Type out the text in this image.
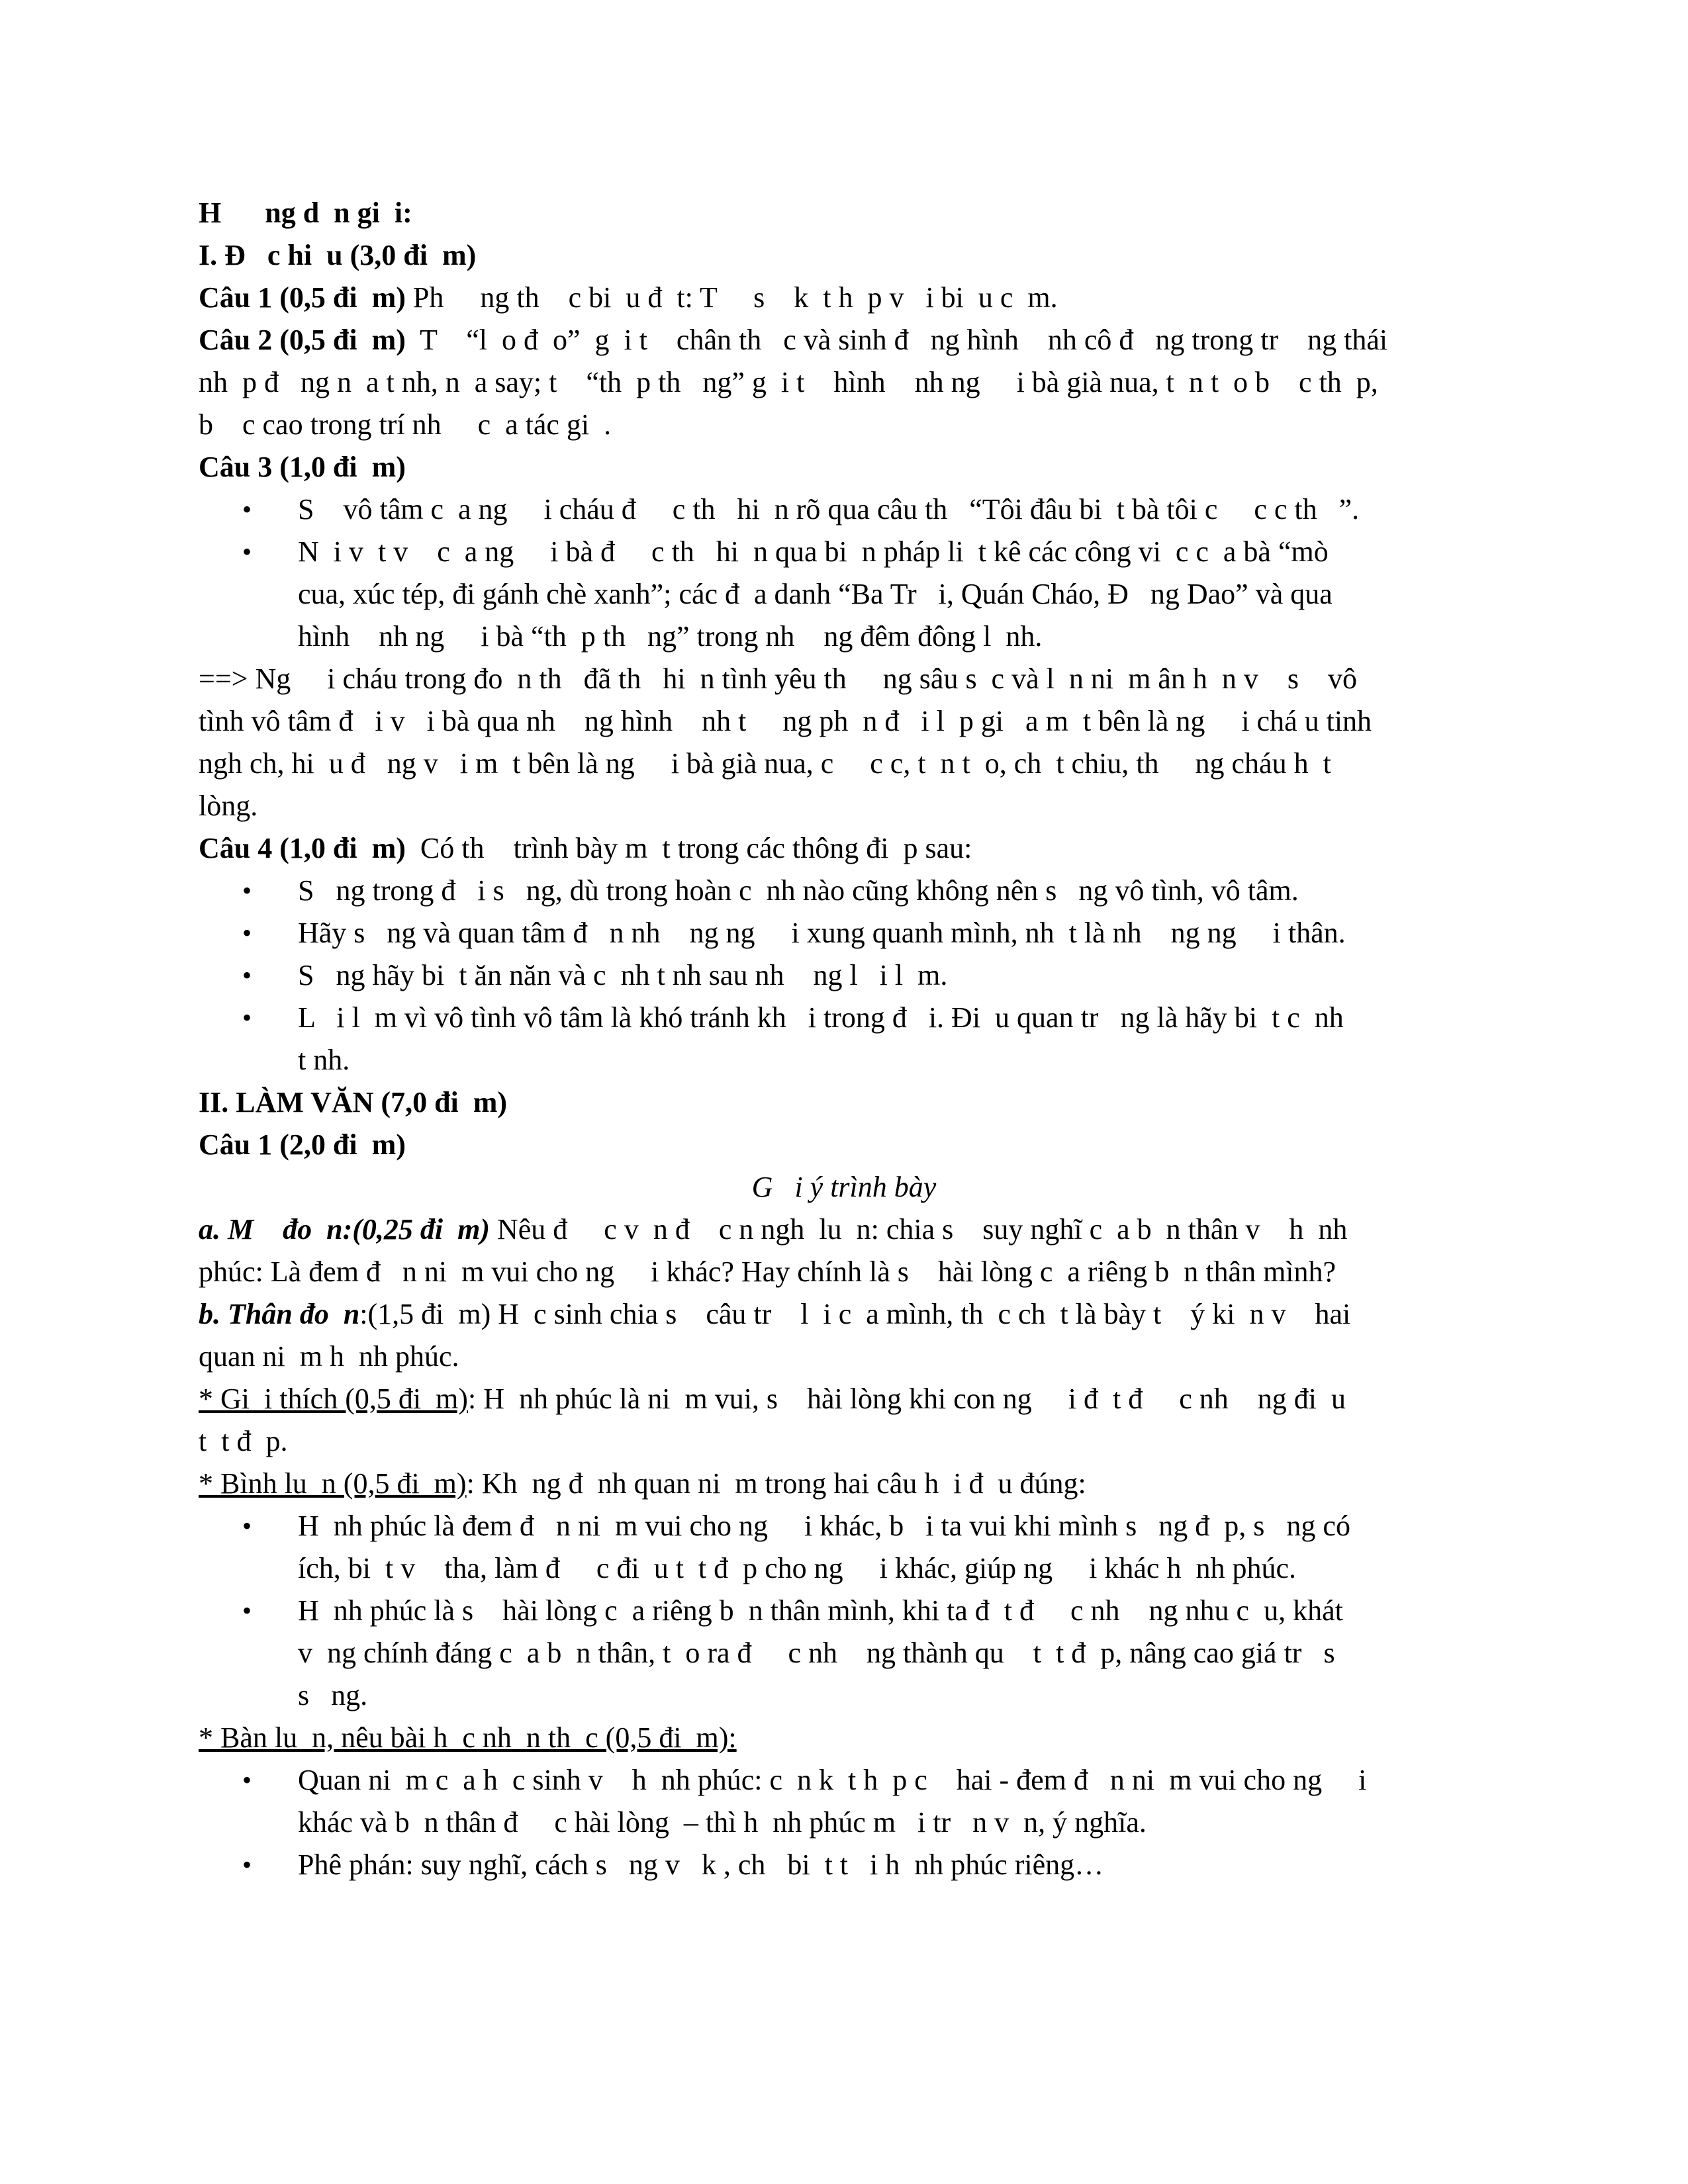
H      ng d  n gi  i:
I. Đ   c hi  u (3,0 đi  m)
Câu 1 (0,5 đi  m) Ph     ng th    c bi  u đ  t: T     s    k  t h  p v   i bi  u c  m.
Câu 2 (0,5 đi  m)  T    “l  o đ  o”  g  i t    chân th   c và sinh đ   ng hình    nh cô đ   ng trong tr    ng thái
nh  p đ   ng n  a t nh, n  a say; t    “th  p th   ng” g  i t    hình    nh ng     i bà già nua, t  n t  o b    c th  p,
b    c cao trong trí nh     c  a tác gi  .
Câu 3 (1,0 đi  m)
• S    vô tâm c  a ng     i cháu đ     c th   hi  n rõ qua câu th   “Tôi đâu bi  t bà tôi c     c c th   ”.
• N  i v  t v    c  a ng     i bà đ     c th   hi  n qua bi  n pháp li  t kê các công vi  c c  a bà “mò
cua, xúc tép, đi gánh chè xanh”; các đ  a danh “Ba Tr   i, Quán Cháo, Đ   ng Dao” và qua
hình    nh ng     i bà “th  p th   ng” trong nh    ng đêm đông l  nh.
==> Ng     i cháu trong đo  n th   đã th   hi  n tình yêu th     ng sâu s  c và l  n ni  m ân h  n v    s    vô
tình vô tâm đ   i v   i bà qua nh    ng hình    nh t     ng ph  n đ   i l  p gi   a m  t bên là ng     i chá u tinh
ngh ch, hi  u đ   ng v   i m  t bên là ng     i bà già nua, c     c c, t  n t  o, ch  t chiu, th     ng cháu h  t
lòng.
Câu 4 (1,0 đi  m)  Có th    trình bày m  t trong các thông đi  p sau:
• S   ng trong đ   i s   ng, dù trong hoàn c  nh nào cũng không nên s   ng vô tình, vô tâm.
• Hãy s   ng và quan tâm đ   n nh    ng ng     i xung quanh mình, nh  t là nh    ng ng     i thân.
• S   ng hãy bi  t ăn năn và c  nh t nh sau nh    ng l   i l  m.
• L   i l  m vì vô tình vô tâm là khó tránh kh   i trong đ   i. Đi  u quan tr   ng là hãy bi  t c  nh
t nh.
II. LÀM VĂN (7,0 đi  m)
Câu 1 (2,0 đi  m)
G   i ý trình bày
a. M    đo  n:(0,25 đi  m) Nêu đ     c v  n đ    c n ngh  lu  n: chia s    suy nghĩ c  a b  n thân v    h  nh
phúc: Là đem đ   n ni  m vui cho ng     i khác? Hay chính là s    hài lòng c  a riêng b  n thân mình?
b. Thân đo  n:(1,5 đi  m) H  c sinh chia s    câu tr    l  i c  a mình, th  c ch  t là bày t    ý ki  n v    hai
quan ni  m h  nh phúc.
* Gi  i thích (0,5 đi  m): H  nh phúc là ni  m vui, s    hài lòng khi con ng     i đ  t đ     c nh    ng đi  u
t  t đ  p.
* Bình lu  n (0,5 đi  m): Kh  ng đ  nh quan ni  m trong hai câu h  i đ  u đúng:
• H  nh phúc là đem đ   n ni  m vui cho ng     i khác, b   i ta vui khi mình s   ng đ  p, s   ng có
ích, bi  t v    tha, làm đ     c đi  u t  t đ  p cho ng     i khác, giúp ng     i khác h  nh phúc.
• H  nh phúc là s    hài lòng c  a riêng b  n thân mình, khi ta đ  t đ     c nh    ng nhu c  u, khát
v  ng chính đáng c  a b  n thân, t  o ra đ     c nh    ng thành qu    t  t đ  p, nâng cao giá tr   s
s   ng.
* Bàn lu  n, nêu bài h  c nh  n th  c (0,5 đi  m):
• Quan ni  m c  a h  c sinh v    h  nh phúc: c  n k  t h  p c    hai - đem đ   n ni  m vui cho ng     i
khác và b  n thân đ     c hài lòng  – thì h  nh phúc m   i tr   n v  n, ý nghĩa.
• Phê phán: suy nghĩ, cách s   ng v   k , ch   bi  t t   i h  nh phúc riêng…
